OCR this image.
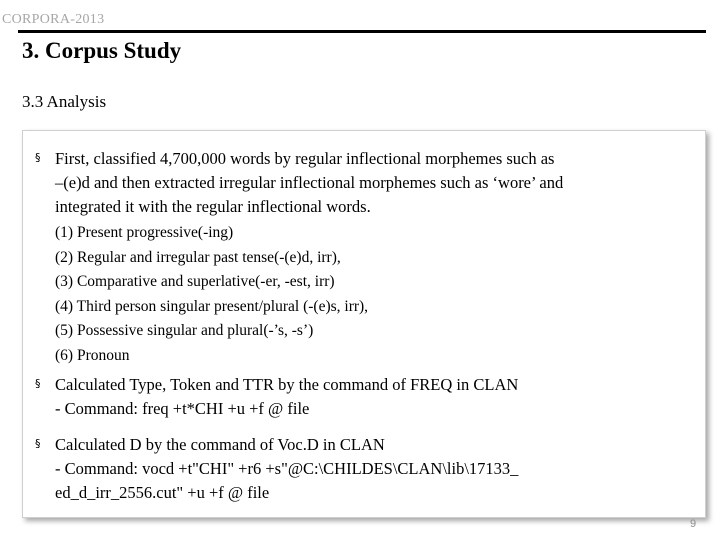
CORPORA-2013
3. Corpus Study
3.3 Analysis
§ First, classified 4,700,000 words by regular inflectional morphemes such as
–(e)d and then extracted irregular inflectional morphemes such as ‘wore’ and
integrated it with the regular inflectional words.
(1) Present progressive(-ing)
(2) Regular and irregular past tense(-(e)d, irr),
(3) Comparative and superlative(-er, -est, irr)
(4) Third person singular present/plural (-(e)s, irr),
(5) Possessive singular and plural(-’s, -s’)
(6) Pronoun
§ Calculated Type, Token and TTR by the command of FREQ in CLAN
- Command: freq +t*CHI +u +f @ file
§ Calculated D by the command of Voc.D in CLAN
- Command: vocd +t"CHI" +r6 +s"@C:\CHILDES\CLAN\lib\17133_
ed_d_irr_2556.cut" +u +f @ file
9
